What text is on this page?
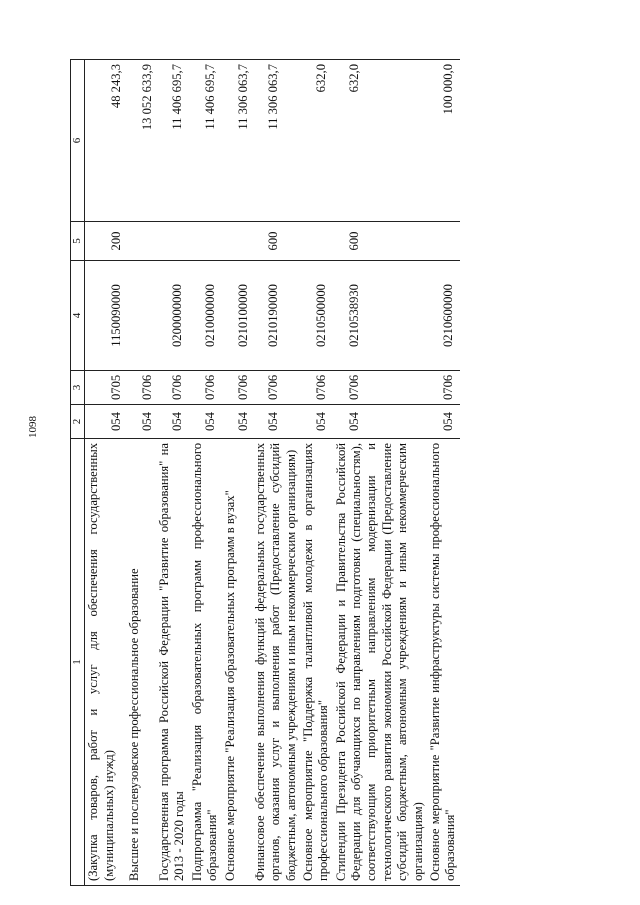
1098
1	2	3	4	5	6
(Закупка товаров, работ и услуг для обеспечения государственных (муниципальных) нужд)	054	0705	1150090000	200	48 243,3
Высшее и послевузовское профессиональное образование	054	0706			13 052 633,9
Государственная программа Российской Федерации "Развитие образования" на 2013 - 2020 годы	054	0706	0200000000		11 406 695,7
Подпрограмма "Реализация образовательных программ профессионального образования"	054	0706	0210000000		11 406 695,7
Основное мероприятие "Реализация образовательных программ в вузах"	054	0706	0210100000		11 306 063,7
Финансовое обеспечение выполнения функций федеральных государственных органов, оказания услуг и выполнения работ (Предоставление субсидий бюджетным, автономным учреждениям и иным некоммерческим организациям)	054	0706	0210190000	600	11 306 063,7
Основное мероприятие "Поддержка талантливой молодежи в организациях профессионального образования"	054	0706	0210500000		632,0
Стипендии Президента Российской Федерации и Правительства Российской Федерации для обучающихся по направлениям подготовки (специальностям), соответствующим приоритетным направлениям модернизации и технологического развития экономики Российской Федерации (Предоставление субсидий бюджетным, автономным учреждениям и иным некоммерческим организациям)	054	0706	0210538930	600	632,0
Основное мероприятие "Развитие инфраструктуры системы профессионального образования"	054	0706	0210600000		100 000,0
